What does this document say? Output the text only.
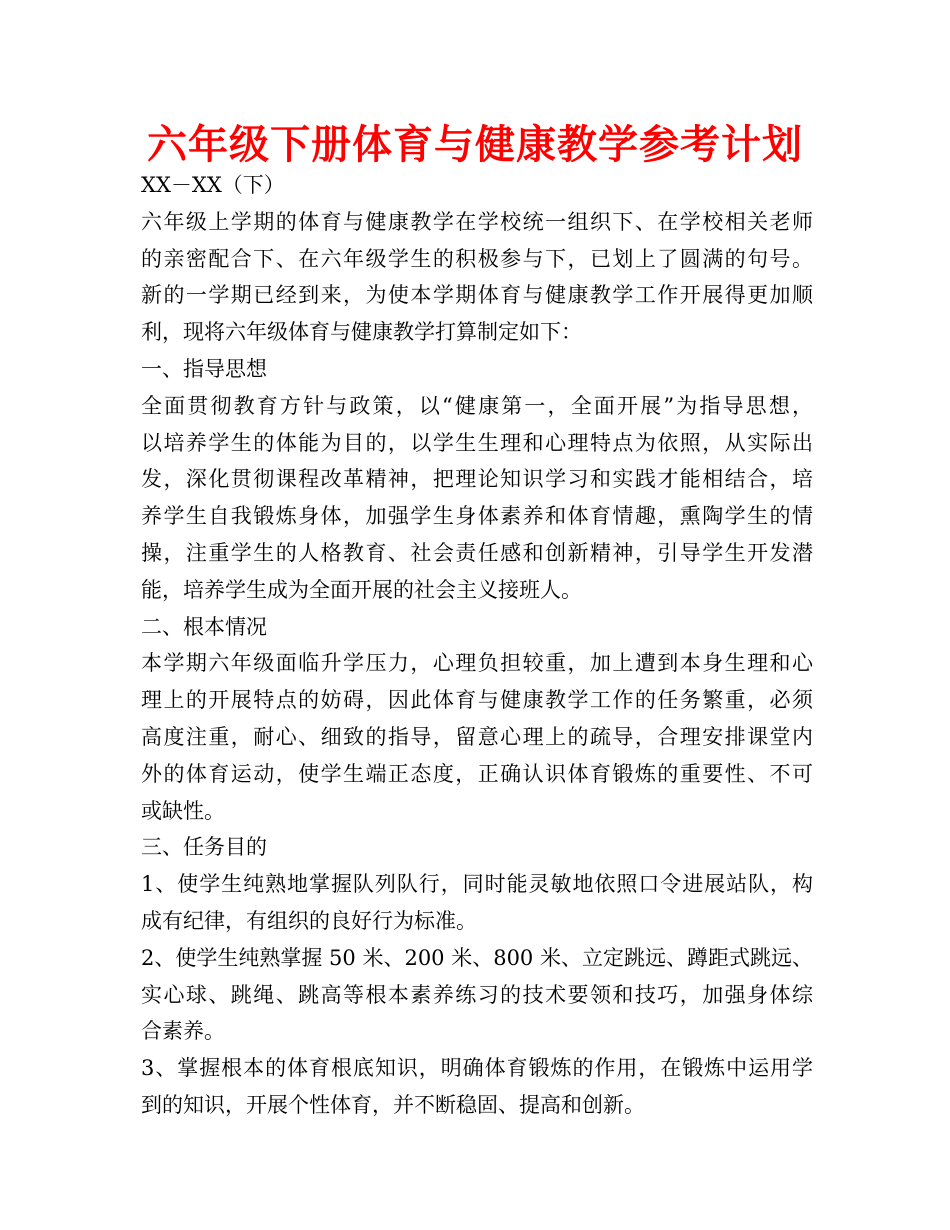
六年级下册体育与健康教学参考计划
XX－XX（下）
六年级上学期的体育与健康教学在学校统一组织下、在学校相关老师
的亲密配合下、在六年级学生的积极参与下，已划上了圆满的句号。
新的一学期已经到来，为使本学期体育与健康教学工作开展得更加顺
利，现将六年级体育与健康教学打算制定如下：
一、指导思想
全面贯彻教育方针与政策，以“健康第一，全面开展”为指导思想，
以培养学生的体能为目的，以学生生理和心理特点为依照，从实际出
发，深化贯彻课程改革精神，把理论知识学习和实践才能相结合，培
养学生自我锻炼身体，加强学生身体素养和体育情趣，熏陶学生的情
操，注重学生的人格教育、社会责任感和创新精神，引导学生开发潜
能，培养学生成为全面开展的社会主义接班人。
二、根本情况
本学期六年级面临升学压力，心理负担较重，加上遭到本身生理和心
理上的开展特点的妨碍，因此体育与健康教学工作的任务繁重，必须
高度注重，耐心、细致的指导，留意心理上的疏导，合理安排课堂内
外的体育运动，使学生端正态度，正确认识体育锻炼的重要性、不可
或缺性。
三、任务目的
1、使学生纯熟地掌握队列队行，同时能灵敏地依照口令进展站队，构
成有纪律，有组织的良好行为标准。
2、使学生纯熟掌握 50 米、200 米、800 米、立定跳远、蹲距式跳远、
实心球、跳绳、跳高等根本素养练习的技术要领和技巧，加强身体综
合素养。
3、掌握根本的体育根底知识，明确体育锻炼的作用，在锻炼中运用学
到的知识，开展个性体育，并不断稳固、提高和创新。
